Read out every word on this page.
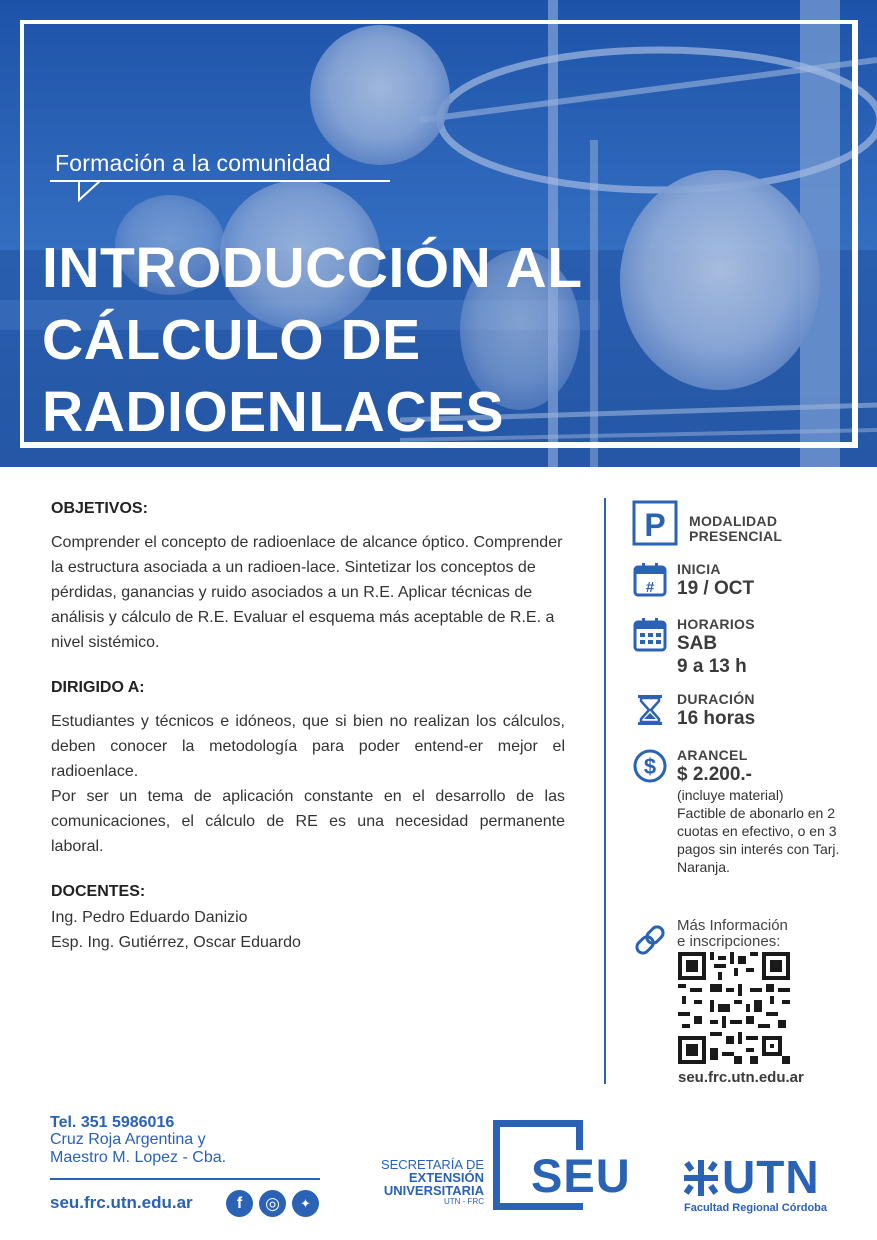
Formación a la comunidad
INTRODUCCIÓN AL
CÁLCULO DE
RADIOENLACES
OBJETIVOS:
Comprender el concepto de radioenlace de alcance óptico. Comprender la estructura asociada a un radioen-lace. Sintetizar los conceptos de pérdidas, ganancias y ruido asociados a un R.E. Aplicar técnicas de análisis y cálculo de R.E. Evaluar el esquema más aceptable de R.E. a nivel sistémico.
DIRIGIDO A:
Estudiantes y técnicos e idóneos, que si bien no realizan los cálculos, deben conocer la metodología para poder entend-er mejor el radioenlace.
Por ser un tema de aplicación constante en el desarrollo de las comunicaciones, el cálculo de RE es una necesidad permanente laboral.
DOCENTES:
Ing. Pedro Eduardo Danizio
Esp. Ing. Gutiérrez, Oscar Eduardo
P MODALIDAD
PRESENCIAL
#
INICIA
19 / OCT
HORARIOS
SAB
9 a 13 h
DURACIÓN
16 horas
$ ARANCEL
$ 2.200.-
(incluye material)
Factible de abonarlo en 2 cuotas en efectivo, o en 3 pagos sin interés con Tarj. Naranja.
Más Información
e inscripciones:
seu.frc.utn.edu.ar
Tel. 351 5986016
Cruz Roja Argentina y
Maestro M. Lopez - Cba.
seu.frc.utn.edu.ar	f	◎	✦
SECRETARÍA DE
EXTENSIÓN
UNIVERSITARIA
UTN - FRC SEU UTN
Facultad Regional Córdoba
